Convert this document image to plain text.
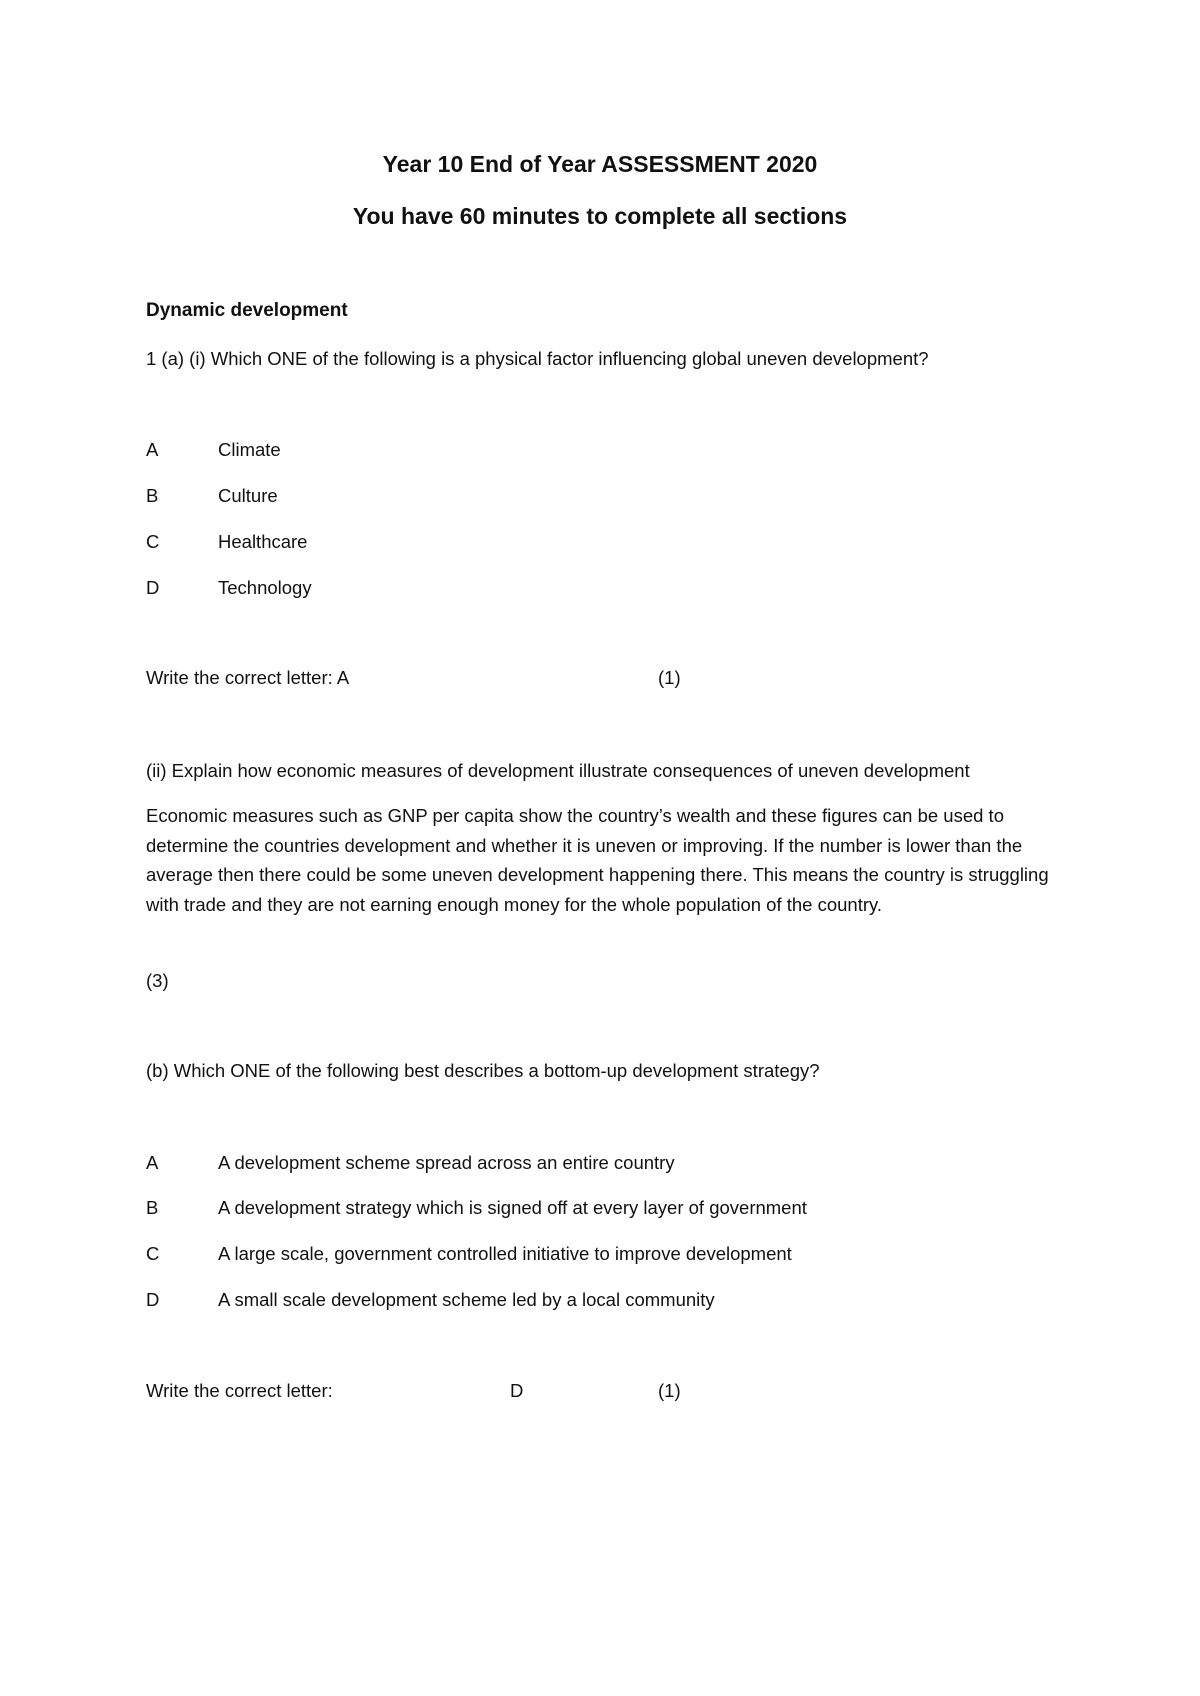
Year 10 End of Year ASSESSMENT 2020
You have 60 minutes to complete all sections
Dynamic development
1 (a) (i) Which ONE of the following is a physical factor influencing global uneven development?
A	Climate
B	Culture
C	Healthcare
D	Technology
Write the correct letter: A	(1)
(ii) Explain how economic measures of development illustrate consequences of uneven development
Economic measures such as GNP per capita show the country’s wealth and these figures can be used to determine the countries development and whether it is uneven or improving. If the number is lower than the average then there could be some uneven development happening there. This means the country is struggling with trade and they are not earning enough money for the whole population of the country.
(3)
(b) Which ONE of the following best describes a bottom-up development strategy?
A	A development scheme spread across an entire country
B	A development strategy which is signed off at every layer of government
C	A large scale, government controlled initiative to improve development
D	A small scale development scheme led by a local community
Write the correct letter:	D	(1)
